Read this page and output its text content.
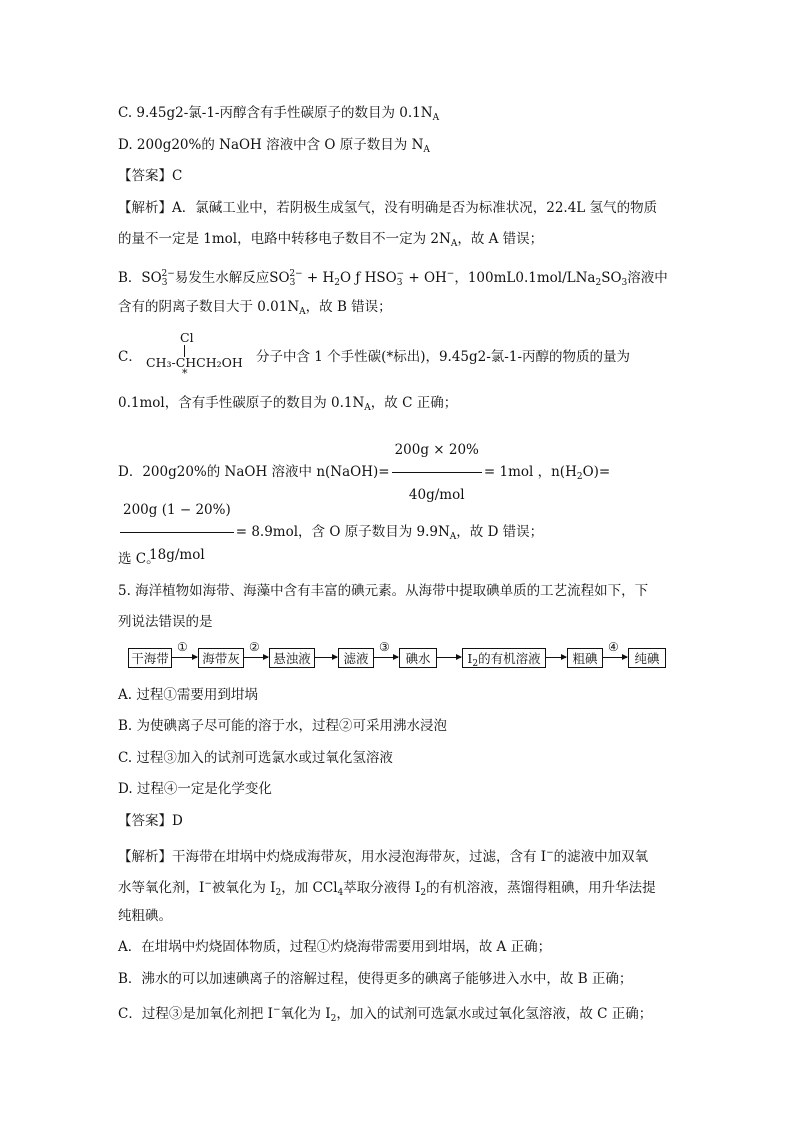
C. 9.45g2-氯-1-丙醇含有手性碳原子的数目为 $0.1N_A$
D. 200g20%的 NaOH 溶液中含 O 原子数目为 $N_A$
【答案】C
【解析】A．氯碱工业中，若阴极生成氢气，没有明确是否为标准状况，22.4L 氢气的物质
的量不一定是 1mol，电路中转移电子数目不一定为 $2N_A$，故 A 错误；
B．$SO_3^{2-}$易发生水解反应$SO_3^{2-} + H_2O$ ƒ $HSO_3^- + OH^-$，$100mL0.1mol/LNa_2SO_3$溶液中
含有的阴离子数目大于 $0.01N_A$，故 B 错误；
C．
Cl
CH₃-CHCH₂OH
*
分子中含 1 个手性碳(*标出)，9.45g2-氯-1-丙醇的物质的量为
0.1mol，含有手性碳原子的数目为 $0.1N_A$，故 C 正确；
D．200g20%的 NaOH 溶液中 n(NaOH)= $\frac{200g \times 20\%}{\text{40g/mol}} = 1mol$ ，$n(H_2O)=$
$\frac{200g (1 - 20\%)}{\text{18g/mol}} = 8.9mol$，含 O 原子数目为 $9.9N_A$，故 D 错误；
选 C。
5. 海洋植物如海带、海藻中含有丰富的碘元素。从海带中提取碘单质的工艺流程如下，下
列说法错误的是
干海带
①
海带灰
②
悬浊液	滤液
③
碘水	$I_2$的有机溶液	粗碘
④
纯碘
A. 过程①需要用到坩埚
B. 为使碘离子尽可能的溶于水，过程②可采用沸水浸泡
C. 过程③加入的试剂可选氯水或过氧化氢溶液
D. 过程④一定是化学变化
【答案】D
【解析】干海带在坩埚中灼烧成海带灰，用水浸泡海带灰，过滤，含有 I−的滤液中加双氧
水等氧化剂，I−被氧化为 $I_2$，加 CCl$_4$萃取分液得 $I_2$的有机溶液，蒸馏得粗碘，用升华法提
纯粗碘。
A．在坩埚中灼烧固体物质，过程①灼烧海带需要用到坩埚，故 A 正确；
B．沸水的可以加速碘离子的溶解过程，使得更多的碘离子能够进入水中，故 B 正确；
C．过程③是加氧化剂把 I−氧化为 $I_2$，加入的试剂可选氯水或过氧化氢溶液，故 C 正确；
